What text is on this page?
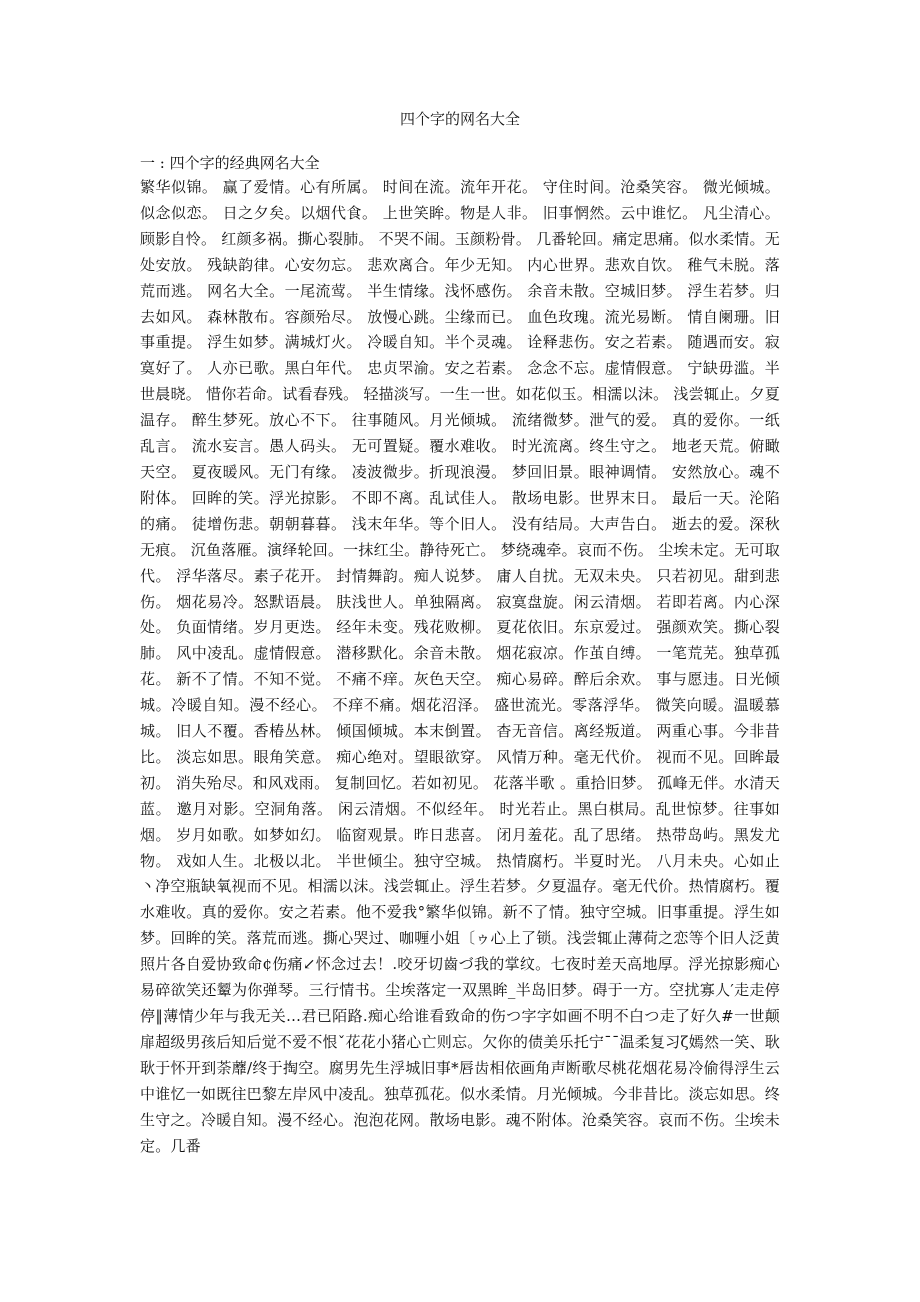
四个字的网名大全
一 : 四个字的经典网名大全

繁华似锦。 赢了爱情。心有所属。 时间在流。流年开花。 守住时间。沧桑笑容。 微光倾城。似念似恋。 日之夕矣。以烟代食。 上世笑眸。物是人非。 旧事惘然。云中谁忆。 凡尘清心。顾影自怜。 红颜多祸。撕心裂肺。 不哭不闹。玉颜粉骨。 几番轮回。痛定思痛。似水柔情。无处安放。 残缺韵律。心安勿忘。 悲欢离合。年少无知。 内心世界。悲欢自饮。 稚气未脱。落荒而逃。 网名大全。一尾流莺。 半生情缘。浅怀感伤。 余音未散。空城旧梦。 浮生若梦。归去如风。 森林散布。容颜殆尽。 放慢心跳。尘缘而已。 血色玫瑰。流光易断。 情自阑珊。旧事重提。 浮生如梦。满城灯火。 冷暖自知。半个灵魂。 诠释悲伤。安之若素。 随遇而安。寂寞好了。 人亦已歌。黑白年代。 忠贞罘渝。安之若素。 念念不忘。虚情假意。 宁缺毋滥。半世晨晓。 惜你若命。试看春残。 轻描淡写。一生一世。如花似玉。相濡以沫。 浅尝辄止。夕夏温存。 醉生梦死。放心不下。 往事随风。月光倾城。 流绪微梦。泄气的爱。 真的爱你。一纸乱言。 流水妄言。愚人码头。 无可置疑。覆水难收。 时光流离。终生守之。 地老天荒。俯瞰天空。 夏夜暖风。无门有缘。 凌波微步。折现浪漫。 梦回旧景。眼神调情。 安然放心。魂不附体。 回眸的笑。浮光掠影。 不即不离。乱试佳人。 散场电影。世界末日。 最后一天。沦陷的痛。 徒增伤悲。朝朝暮暮。 浅末年华。等个旧人。 没有结局。大声告白。 逝去的爱。深秋无痕。 沉鱼落雁。演绎轮回。一抹红尘。静待死亡。 梦绕魂牵。哀而不伤。 尘埃未定。无可取代。 浮华落尽。素子花开。 封情舞韵。痴人说梦。 庸人自扰。无双未央。 只若初见。甜到悲伤。 烟花易冷。怒默语晨。 肤浅世人。单独隔离。 寂寞盘旋。闲云清烟。 若即若离。内心深处。 负面情绪。岁月更迭。 经年未变。残花败柳。 夏花依旧。东京爱过。 强颜欢笑。撕心裂肺。 风中凌乱。虚情假意。 潜移默化。余音未散。 烟花寂凉。作茧自缚。 一笔荒芜。独草孤花。 新不了情。不知不觉。 不痛不痒。灰色天空。 痴心易碎。醉后余欢。 事与愿违。日光倾城。冷暖自知。漫不经心。 不痒不痛。烟花沼泽。 盛世流光。零落浮华。 微笑向暖。温暖慕城。 旧人不覆。香椿丛林。 倾国倾城。本末倒置。 杳无音信。离经叛道。 两重心事。今非昔比。 淡忘如思。眼角笑意。 痴心绝对。望眼欲穿。 风情万种。毫无代价。 视而不见。回眸最初。 消失殆尽。和风戏雨。 复制回忆。若如初见。 花落半歌 。重拾旧梦。 孤峰无伴。水清天蓝。 邀月对影。空洞角落。 闲云清烟。不似经年。 时光若止。黑白棋局。乱世惊梦。往事如烟。 岁月如歌。如梦如幻。 临窗观景。昨日悲喜。 闭月羞花。乱了思绪。 热带岛屿。黑发尤物。 戏如人生。北极以北。 半世倾尘。独守空城。 热情腐朽。半夏时光。 八月未央。心如止丶净空瓶缺氧视而不见。相濡以沫。浅尝辄止。浮生若梦。夕夏温存。毫无代价。热情腐朽。覆水难收。真的爱你。安之若素。他不爱我°繁华似锦。新不了情。独守空城。旧事重提。浮生如梦。回眸的笑。落荒而逃。撕心哭过、咖喱小姐〔ゥ心上了锁。浅尝辄止薄荷之恋等个旧人泛黄照片各自爱协致命¢伤痛↙怀念过去！.咬牙切齒づ我的掌纹。七夜时差天高地厚。浮光掠影痴心易碎欲笑还颦为你弹琴。三行情书。尘埃落定一双黑眸_半岛旧梦。碍于一方。空扰寡人′走走停停‖薄情少年与我无关…君已陌路.痴心给谁看致命的伤つ字字如画不明不白つ走了好久#一世颠扉超级男孩后知后觉不爱不恨ˇ花花小猪心亡则忘。欠你的债美乐托宁¯¯温柔复习ζ嫣然一笑、耿耿于怀开到荼蘼/终于掏空。腐男先生浮城旧事*唇齿相依画角声断歌尽桃花烟花易冷偷得浮生云中谁忆一如既往巴黎左岸风中凌乱。独草孤花。似水柔情。月光倾城。今非昔比。淡忘如思。终生守之。冷暖自知。漫不经心。泡泡花网。散场电影。魂不附体。沧桑笑容。哀而不伤。尘埃未定。几番
